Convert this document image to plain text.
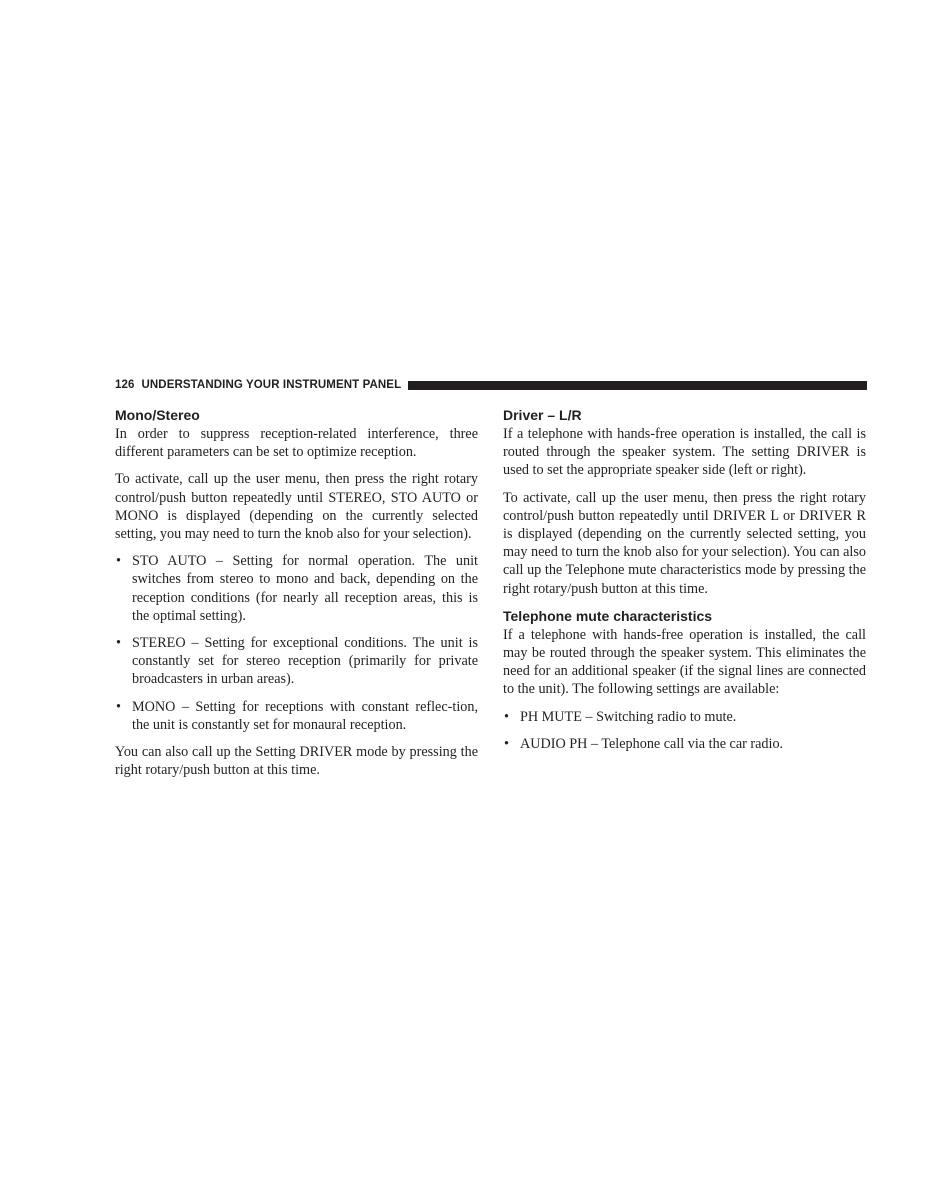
126 UNDERSTANDING YOUR INSTRUMENT PANEL
Mono/Stereo

In order to suppress reception-related interference, three different parameters can be set to optimize reception.

To activate, call up the user menu, then press the right rotary control/push button repeatedly until STEREO, STO AUTO or MONO is displayed (depending on the currently selected setting, you may need to turn the knob also for your selection).

• STO AUTO – Setting for normal operation. The unit switches from stereo to mono and back, depending on the reception conditions (for nearly all reception areas, this is the optimal setting).
• STEREO – Setting for exceptional conditions. The unit is constantly set for stereo reception (primarily for private broadcasters in urban areas).
• MONO – Setting for receptions with constant reflec-tion, the unit is constantly set for monaural reception.

You can also call up the Setting DRIVER mode by pressing the right rotary/push button at this time.

Driver – L/R

If a telephone with hands-free operation is installed, the call is routed through the speaker system. The setting DRIVER is used to set the appropriate speaker side (left or right).

To activate, call up the user menu, then press the right rotary control/push button repeatedly until DRIVER L or DRIVER R is displayed (depending on the currently selected setting, you may need to turn the knob also for your selection). You can also call up the Telephone mute characteristics mode by pressing the right rotary/push button at this time.

Telephone mute characteristics

If a telephone with hands-free operation is installed, the call may be routed through the speaker system. This eliminates the need for an additional speaker (if the signal lines are connected to the unit). The following settings are available:

• PH MUTE – Switching radio to mute.
• AUDIO PH – Telephone call via the car radio.
